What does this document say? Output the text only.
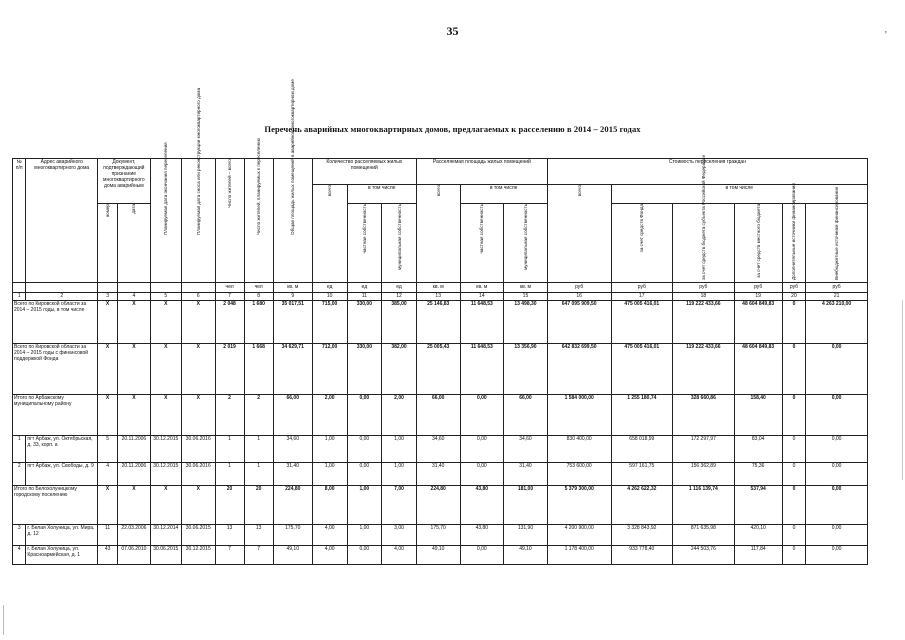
35	'
Перечень аварийных многоквартирных домов, предлагаемых к расселению в 2014 – 2015 годах
№ п/п	Адрес аварийного многоквартирного дома	Документ, подтверждающий признание многоквартирного дома аварийным		Планируемая дата окончания переселения	Планируемая дата сноса или реконструкции многоквартирного дома	Число жителей – всего	Число жителей, планируемых к переселению	Общая площадь жилых помещений в аварийном многоквартирном доме	Количество расселяемых жилых помещений			Расселяемая площадь жилых помещений			Стоимость переселения граждан					
									всего	в том числе		всего	в том числе		всего	в том числе				
		номер	дата							частная собственность	муниципальная собственность		частная собственность	муниципальная собственность		за счет средств Фонда	за счет средств бюджета субъекта Российской Федерации	за счет средств местного бюджета	Дополнительные источники финансирования	Внебюджетные источники финансирования
						чел	чел	кв. м	ед	ед	ед	кв. м	кв. м	кв. м	руб	руб	руб	руб	руб	руб
1	2	3	4	5	6	7	8	9	10	11	12	13	14	15	16	17	18	19	20	21
Всего по Кировской области за 2014 – 2015 годы, в том числе		X	X	X	X	2 048	1 680	35 017,51	715,00	330,00	385,00	25 146,83	11 648,53	13 498,30	647 095 909,50	475 005 416,01	119 222 433,66	48 604 849,83	0	4 263 210,00
Всего по Кировской области за 2014 – 2015 годы с финансовой поддержкой Фонда		X	X	X	X	2 019	1 668	34 629,71	712,00	330,00	382,00	25 005,43	11 648,53	13 356,90	642 832 699,50	475 005 416,01	119 222 433,66	48 604 849,83	0	0,00
Итого по Арбажскому муниципальному району		X	X	X	X	2	2	66,00	2,00	0,00	2,00	66,00	0,00	66,00	1 584 000,00	1 255 180,74	328 660,86	158,40	0	0,00
1	пгт Арбаж, ул. Октябрьская, д. 33, корп. а	5	20.11.2006	30.12.2015	30.06.2016	1	1	34,60	1,00	0,00	1,00	34,60	0,00	34,60	830 400,00	658 018,99	172 297,97	83,04	0	0,00
2	пгт Арбаж, ул. Свободы, д. 9	4	20.11.2006	30.12.2015	30.06.2016	1	1	31,40	1,00	0,00	1,00	31,40	0,00	31,40	753 600,00	597 161,75	156 362,89	75,36	0	0,00
Итого по Белохолуницкому городскому поселению		X	X	X	X	20	20	224,80	8,00	1,00	7,00	224,80	43,80	181,00	5 379 300,00	4 262 622,32	1 116 139,74	537,94	0	0,00
3	г. Белая Холуница, ул. Мира, д. 12	11	22.03.2006	30.12.2014	30.06.2015	13	13	175,70	4,00	1,00	3,00	175,70	43,80	131,90	4 200 900,00	3 328 843,92	871 635,98	420,10	0	0,00
4	г. Белая Холуница, ул. Красноармейская, д. 1	43	07.06.2010	30.06.2015	30.12.2015	7	7	49,10	4,00	0,00	4,00	49,10	0,00	49,10	1 178 400,00	933 778,40	244 503,76	117,84	0	0,00
